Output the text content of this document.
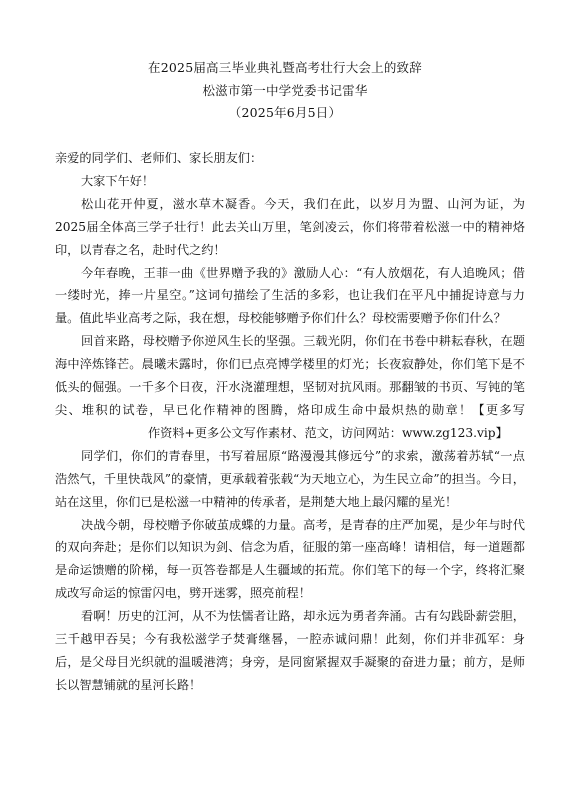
在2025届高三毕业典礼暨高考壮行大会上的致辞
松滋市第一中学党委书记雷华
（2025年6月5日）

亲爱的同学们、老师们、家长朋友们：

大家下午好！

松山花开仲夏，滋水草木凝香。今天，我们在此，以岁月为盟、山河为证，为2025届全体高三学子壮行！此去关山万里，笔剑凌云，你们将带着松滋一中的精神烙印，以青春之名，赴时代之约！

今年春晚，王菲一曲《世界赠予我的》激励人心：“有人放烟花，有人追晚风；借一缕时光，捧一片星空。”这词句描绘了生活的多彩，也让我们在平凡中捕捉诗意与力量。值此毕业高考之际，我在想，母校能够赠予你们什么？母校需要赠予你们什么？

回首来路，母校赠予你逆风生长的坚强。三载光阴，你们在书卷中耕耘春秋，在题海中淬炼锋芒。晨曦未露时，你们已点亮博学楼里的灯光；长夜寂静处，你们笔下是不低头的倔强。一千多个日夜，汗水浇灌理想，坚韧对抗风雨。那翻皱的书页、写钝的笔尖、堆积的试卷，早已化作精神的图腾，烙印成生命中最炽热的勋章！【更多写                        作资料+更多公文写作素材、范文，访问网站：www.zg123.vip】

同学们，你们的青春里，书写着屈原“路漫漫其修远兮”的求索，激荡着苏轼“一点浩然气，千里快哉风”的豪情，更承载着张载“为天地立心，为生民立命”的担当。今日，站在这里，你们已是松滋一中精神的传承者，是荆楚大地上最闪耀的星光！

决战今朝，母校赠予你破茧成蝶的力量。高考，是青春的庄严加冕，是少年与时代的双向奔赴；是你们以知识为剑、信念为盾，征服的第一座高峰！请相信，每一道题都是命运馈赠的阶梯，每一页答卷都是人生疆域的拓荒。你们笔下的每一个字，终将汇聚成改写命运的惊雷闪电，劈开迷雾，照亮前程！

看啊！历史的江河，从不为怯懦者让路，却永远为勇者奔涌。古有勾践卧薪尝胆，三千越甲吞吴；今有我松滋学子焚膏继晷，一腔赤诚问鼎！此刻，你们并非孤军：身后，是父母目光织就的温暖港湾；身旁，是同窗紧握双手凝聚的奋进力量；前方，是师长以智慧铺就的星河长路！
